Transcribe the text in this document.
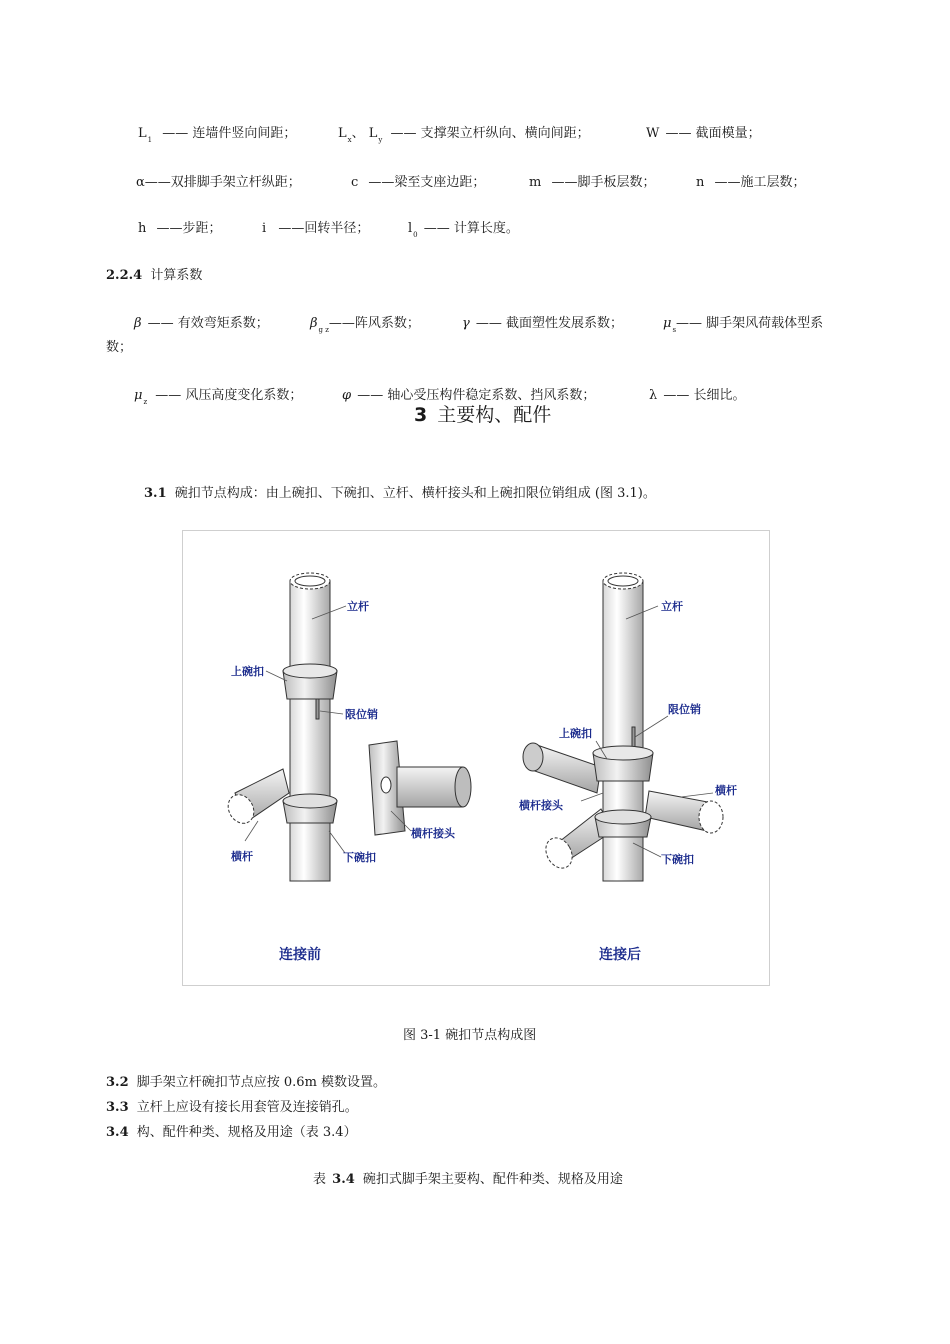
$L_1$ —— 连墙件竖向间距；	$L_x$、 $L_y$ —— 支撑架立杆纵向、横向间距；	W —— 截面模量；
α——双排脚手架立杆纵距；	c ——梁至支座边距；	m ——脚手板层数；	n ——施工层数；
h ——步距；	i ——回转半径；	$l_0$ —— 计算长度。
2.2.4 计算系数
β —— 有效弯矩系数；	$\beta_{g z}——$阵风系数；	γ —— 截面塑性发展系数；	$\mu_s——$ 脚手架风荷载体型系
数；
$\mu_z$ —— 风压高度变化系数；	φ —— 轴心受压构件稳定系数、挡风系数；	λ —— 长细比。
3 主要构、配件
3.1 碗扣节点构成：由上碗扣、下碗扣、立杆、横杆接头和上碗扣限位销组成 (图 3.1)。
立杆
上碗扣
限位销
横杆	下碗扣
横杆接头
连接前
立杆
限位销
上碗扣
横杆
横杆接头
下碗扣
连接后
图 3-1 碗扣节点构成图
3.2 脚手架立杆碗扣节点应按 0.6m 模数设置。
3.3 立杆上应设有接长用套管及连接销孔。
3.4 构、配件种类、规格及用途（表 3.4）
表 3.4 碗扣式脚手架主要构、配件种类、规格及用途
